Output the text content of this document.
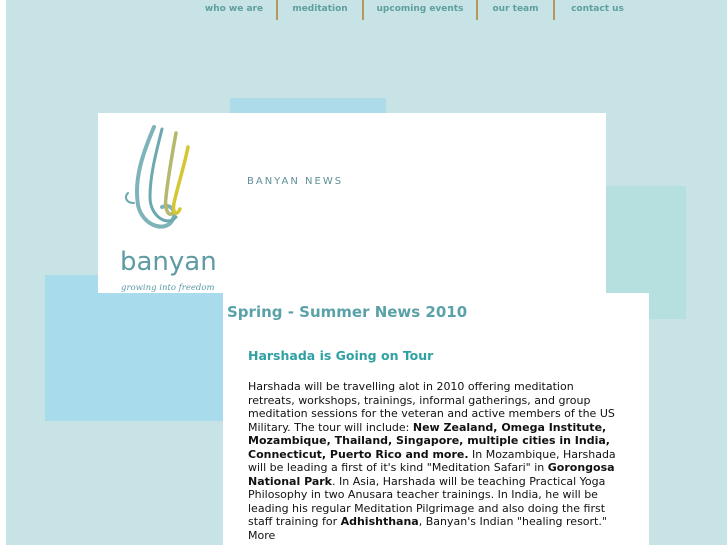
who we are	meditation	upcoming events	our team	contact us
banyan
growing into freedom
BANYAN NEWS
Spring - Summer News 2010
Harshada is Going on Tour
Harshada will be travelling alot in 2010 offering meditation retreats, workshops, trainings, informal gatherings, and group meditation sessions for the veteran and active members of the US Military. The tour will include: New Zealand, Omega Institute, Mozambique, Thailand, Singapore, multiple cities in India, Connecticut, Puerto Rico and more. In Mozambique, Harshada will be leading a first of it's kind "Meditation Safari" in Gorongosa National Park. In Asia, Harshada will be teaching Practical Yoga Philosophy in two Anusara teacher trainings. In India, he will be leading his regular Meditation Pilgrimage and also doing the first staff training for Adhishthana, Banyan's Indian "healing resort." More
